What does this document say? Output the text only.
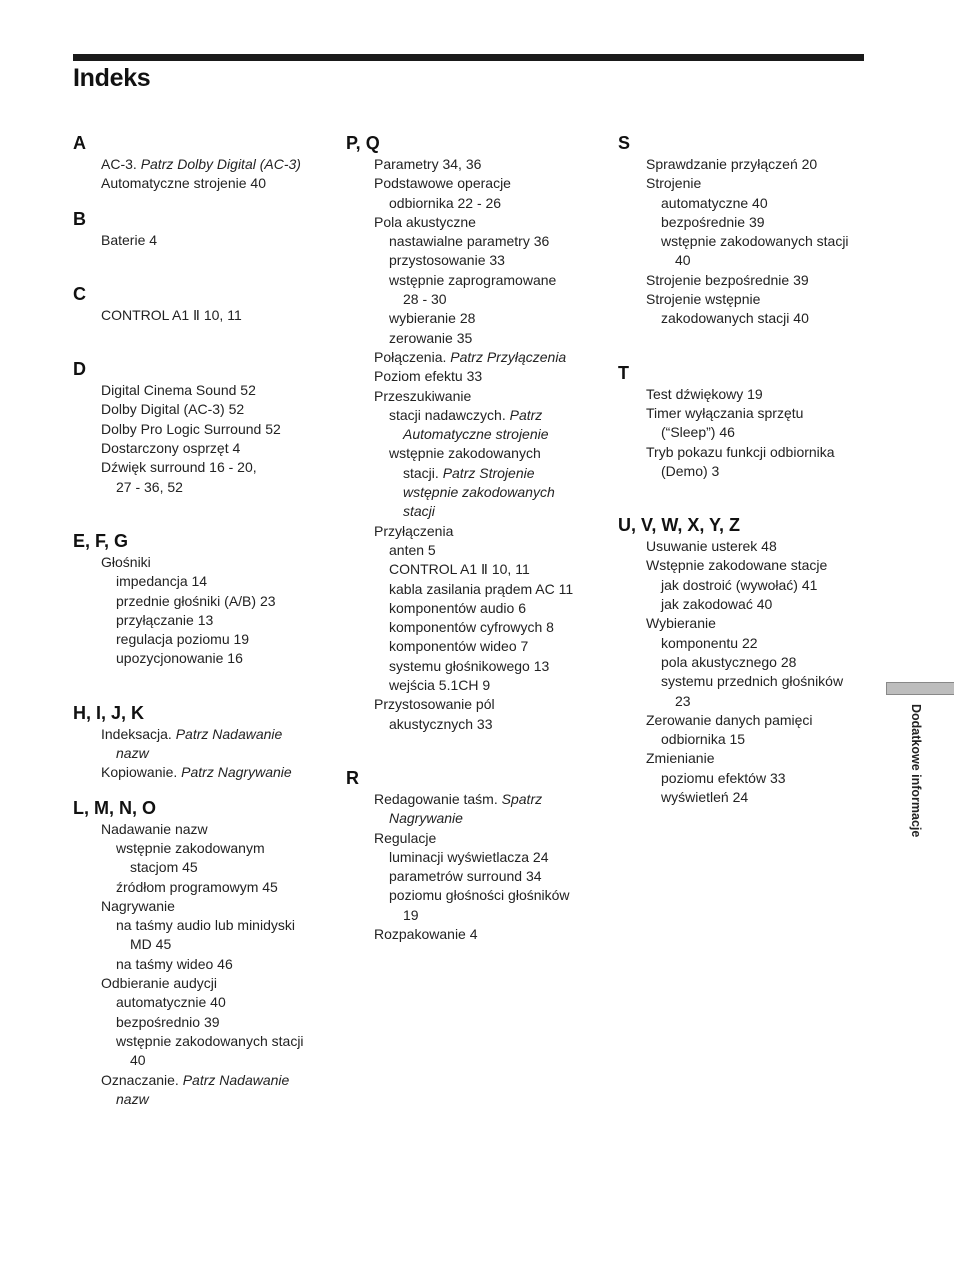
Indeks
A
AC-3. Patrz Dolby Digital (AC-3)
Automatyczne strojenie 40
B
Baterie 4
C
CONTROL A1 Ⅱ 10, 11
D
Digital Cinema Sound 52
Dolby Digital (AC-3) 52
Dolby Pro Logic Surround 52
Dostarczony osprzęt 4
Dźwięk surround 16 - 20,
27 - 36, 52
E, F, G
Głośniki
impedancja 14
przednie głośniki (A/B) 23
przyłączanie 13
regulacja poziomu 19
upozycjonowanie 16
H, I, J, K
Indeksacja. Patrz Nadawanie
nazw
Kopiowanie. Patrz Nagrywanie
L, M, N, O
Nadawanie nazw
wstępnie zakodowanym
stacjom 45
źródłom programowym 45
Nagrywanie
na taśmy audio lub minidyski
MD 45
na taśmy wideo 46
Odbieranie audycji
automatycznie 40
bezpośrednio 39
wstępnie zakodowanych stacji
40
Oznaczanie. Patrz Nadawanie
nazw
P, Q
Parametry 34, 36
Podstawowe operacje
odbiornika 22 - 26
Pola akustyczne
nastawialne parametry 36
przystosowanie 33
wstępnie zaprogramowane
28 - 30
wybieranie 28
zerowanie 35
Połączenia. Patrz Przyłączenia
Poziom efektu 33
Przeszukiwanie
stacji nadawczych. Patrz
Automatyczne strojenie
wstępnie zakodowanych
stacji. Patrz Strojenie
wstępnie zakodowanych
stacji
Przyłączenia
anten 5
CONTROL A1 Ⅱ 10, 11
kabla zasilania prądem AC 11
komponentów audio 6
komponentów cyfrowych 8
komponentów wideo 7
systemu głośnikowego 13
wejścia 5.1CH 9
Przystosowanie pól
akustycznych 33
R
Redagowanie taśm. Spatrz
Nagrywanie
Regulacje
luminacji wyświetlacza 24
parametrów surround 34
poziomu głośności głośników
19
Rozpakowanie 4
S
Sprawdzanie przyłączeń 20
Strojenie
automatyczne 40
bezpośrednie 39
wstępnie zakodowanych stacji
40
Strojenie bezpośrednie 39
Strojenie wstępnie
zakodowanych stacji 40
T
Test dźwiękowy 19
Timer wyłączania sprzętu
(“Sleep”) 46
Tryb pokazu funkcji odbiornika
(Demo) 3
U, V, W, X, Y, Z
Usuwanie usterek 48
Wstępnie zakodowane stacje
jak dostroić (wywołać) 41
jak zakodować 40
Wybieranie
komponentu 22
pola akustycznego 28
systemu przednich głośników
23
Zerowanie danych pamięci
odbiornika 15
Zmienianie
poziomu efektów 33
wyświetleń 24	Dodatkowe informacje
